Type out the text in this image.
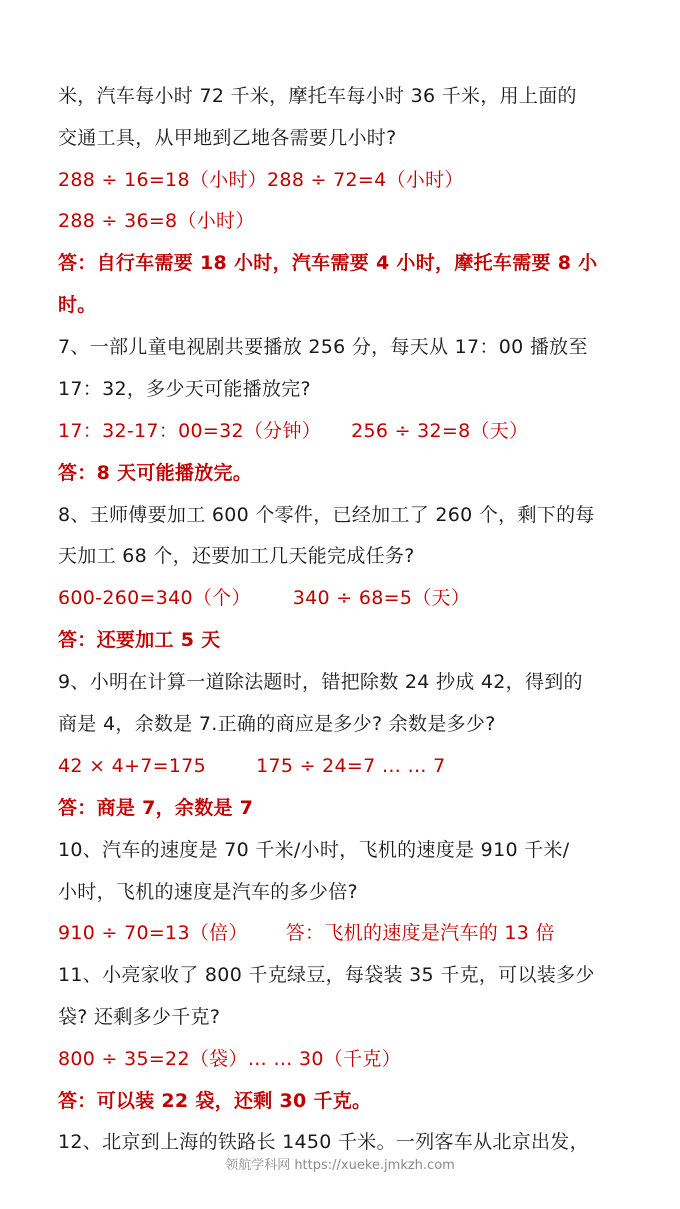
米，汽车每小时 72 千米，摩托车每小时 36 千米，用上面的
交通工具，从甲地到乙地各需要几小时?
288 ÷ 16=18（小时）288 ÷ 72=4（小时）
288 ÷ 36=8（小时）
答：自行车需要 18 小时，汽车需要 4 小时，摩托车需要 8 小
时。
7、一部儿童电视剧共要播放 256 分，每天从 17：00 播放至
17：32，多少天可能播放完?
17：32-17：00=32（分钟） 256 ÷ 32=8（天）
答：8 天可能播放完。
8、王师傅要加工 600 个零件，已经加工了 260 个，剩下的每
天加工 68 个，还要加工几天能完成任务?
600-260=340（个） 340 ÷ 68=5（天）
答：还要加工 5 天
9、小明在计算一道除法题时，错把除数 24 抄成 42，得到的
商是 4，余数是 7.正确的商应是多少? 余数是多少?
42 × 4+7=175	175 ÷ 24=7 … … 7
答：商是 7，余数是 7
10、汽车的速度是 70 千米/小时，飞机的速度是 910 千米/
小时，飞机的速度是汽车的多少倍?
910 ÷ 70=13（倍） 答：飞机的速度是汽车的 13 倍
11、小亮家收了 800 千克绿豆，每袋装 35 千克，可以装多少
袋? 还剩多少千克?
800 ÷ 35=22（袋）… … 30（千克）
答：可以装 22 袋，还剩 30 千克。
12、北京到上海的铁路长 1450 千米。一列客车从北京出发，
领航学科网 https://xueke.jmkzh.com
